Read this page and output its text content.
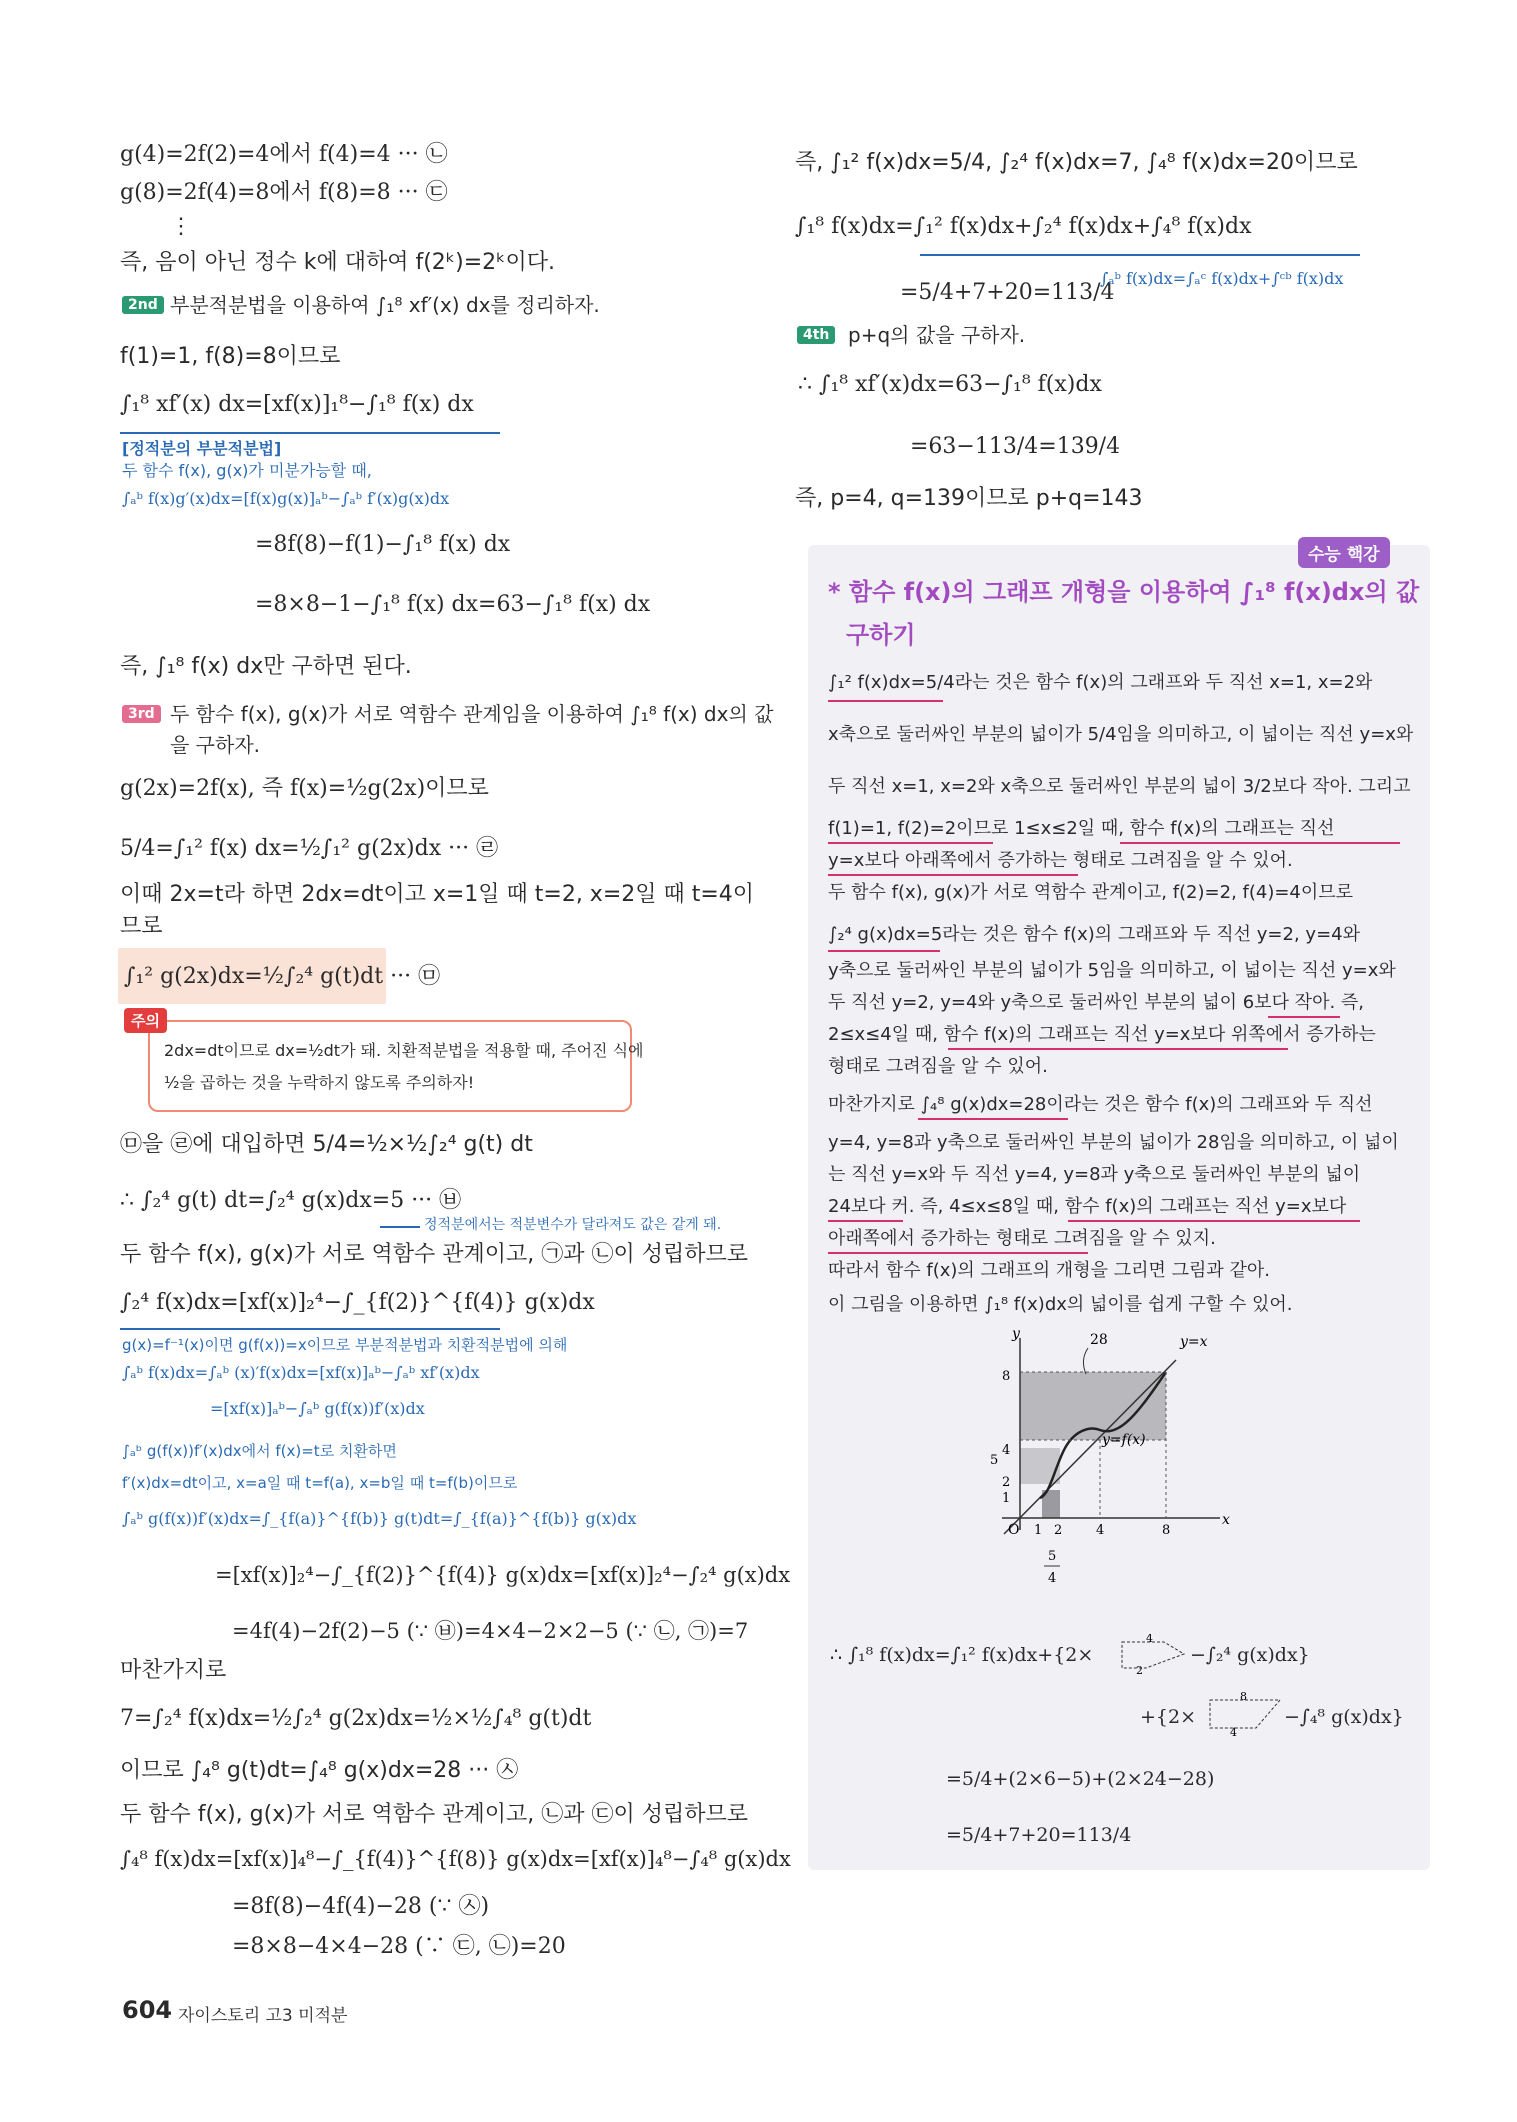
g(4)=2f(2)=4에서 f(4)=4 ··· ㉡
g(8)=2f(4)=8에서 f(8)=8 ··· ㉢
⋮
즉, 음이 아닌 정수 k에 대하여 f(2ᵏ)=2ᵏ이다.
2nd 부분적분법을 이용하여 ∫₁⁸ xf′(x) dx를 정리하자.
f(1)=1, f(8)=8이므로
∫₁⁸ xf′(x) dx=[xf(x)]₁⁸−∫₁⁸ f(x) dx
[정적분의 부분적분법]
두 함수 f(x), g(x)가 미분가능할 때,
∫ₐᵇ f(x)g′(x)dx=[f(x)g(x)]ₐᵇ−∫ₐᵇ f′(x)g(x)dx
=8f(8)−f(1)−∫₁⁸ f(x) dx
=8×8−1−∫₁⁸ f(x) dx=63−∫₁⁸ f(x) dx
즉, ∫₁⁸ f(x) dx만 구하면 된다.
3rd 두 함수 f(x), g(x)가 서로 역함수 관계임을 이용하여 ∫₁⁸ f(x) dx의 값
을 구하자.
g(2x)=2f(x), 즉 f(x)=½g(2x)이므로
5/4=∫₁² f(x) dx=½∫₁² g(2x)dx ··· ㉣
이때 2x=t라 하면 2dx=dt이고 x=1일 때 t=2, x=2일 때 t=4이
므로
∫₁² g(2x)dx=½∫₂⁴ g(t)dt ··· ㉤
주의
2dx=dt이므로 dx=½dt가 돼. 치환적분법을 적용할 때, 주어진 식에
½을 곱하는 것을 누락하지 않도록 주의하자!
㉤을 ㉣에 대입하면 5/4=½×½∫₂⁴ g(t) dt
∴ ∫₂⁴ g(t) dt=∫₂⁴ g(x)dx=5 ··· ㉥
정적분에서는 적분변수가 달라져도 값은 같게 돼.
두 함수 f(x), g(x)가 서로 역함수 관계이고, ㉠과 ㉡이 성립하므로
∫₂⁴ f(x)dx=[xf(x)]₂⁴−∫_{f(2)}^{f(4)} g(x)dx
g(x)=f⁻¹(x)이면 g(f(x))=x이므로 부분적분법과 치환적분법에 의해
∫ₐᵇ f(x)dx=∫ₐᵇ (x)′f(x)dx=[xf(x)]ₐᵇ−∫ₐᵇ xf′(x)dx
=[xf(x)]ₐᵇ−∫ₐᵇ g(f(x))f′(x)dx
∫ₐᵇ g(f(x))f′(x)dx에서 f(x)=t로 치환하면
f′(x)dx=dt이고, x=a일 때 t=f(a), x=b일 때 t=f(b)이므로
∫ₐᵇ g(f(x))f′(x)dx=∫_{f(a)}^{f(b)} g(t)dt=∫_{f(a)}^{f(b)} g(x)dx
=[xf(x)]₂⁴−∫_{f(2)}^{f(4)} g(x)dx=[xf(x)]₂⁴−∫₂⁴ g(x)dx
=4f(4)−2f(2)−5 (∵ ㉥)=4×4−2×2−5 (∵ ㉡, ㉠)=7
마찬가지로
7=∫₂⁴ f(x)dx=½∫₂⁴ g(2x)dx=½×½∫₄⁸ g(t)dt
이므로 ∫₄⁸ g(t)dt=∫₄⁸ g(x)dx=28 ··· ㉦
두 함수 f(x), g(x)가 서로 역함수 관계이고, ㉡과 ㉢이 성립하므로
∫₄⁸ f(x)dx=[xf(x)]₄⁸−∫_{f(4)}^{f(8)} g(x)dx=[xf(x)]₄⁸−∫₄⁸ g(x)dx
=8f(8)−4f(4)−28 (∵ ㉦)
=8×8−4×4−28 (∵ ㉢, ㉡)=20
즉, ∫₁² f(x)dx=5/4, ∫₂⁴ f(x)dx=7, ∫₄⁸ f(x)dx=20이므로
∫₁⁸ f(x)dx=∫₁² f(x)dx+∫₂⁴ f(x)dx+∫₄⁸ f(x)dx
=5/4+7+20=113/4
∫ₐᵇ f(x)dx=∫ₐᶜ f(x)dx+∫ᶜᵇ f(x)dx
4th p+q의 값을 구하자.
∴ ∫₁⁸ xf′(x)dx=63−∫₁⁸ f(x)dx
=63−113/4=139/4
즉, p=4, q=139이므로 p+q=143
수능 핵강
* 함수 f(x)의 그래프 개형을 이용하여 ∫₁⁸ f(x)dx의 값
구하기
∫₁² f(x)dx=5/4라는 것은 함수 f(x)의 그래프와 두 직선 x=1, x=2와
x축으로 둘러싸인 부분의 넓이가 5/4임을 의미하고, 이 넓이는 직선 y=x와
두 직선 x=1, x=2와 x축으로 둘러싸인 부분의 넓이 3/2보다 작아. 그리고
f(1)=1, f(2)=2이므로 1≤x≤2일 때, 함수 f(x)의 그래프는 직선
y=x보다 아래쪽에서 증가하는 형태로 그려짐을 알 수 있어.
두 함수 f(x), g(x)가 서로 역함수 관계이고, f(2)=2, f(4)=4이므로
∫₂⁴ g(x)dx=5라는 것은 함수 f(x)의 그래프와 두 직선 y=2, y=4와
y축으로 둘러싸인 부분의 넓이가 5임을 의미하고, 이 넓이는 직선 y=x와
두 직선 y=2, y=4와 y축으로 둘러싸인 부분의 넓이 6보다 작아. 즉,
2≤x≤4일 때, 함수 f(x)의 그래프는 직선 y=x보다 위쪽에서 증가하는
형태로 그려짐을 알 수 있어.
마찬가지로 ∫₄⁸ g(x)dx=28이라는 것은 함수 f(x)의 그래프와 두 직선
y=4, y=8과 y축으로 둘러싸인 부분의 넓이가 28임을 의미하고, 이 넓이
는 직선 y=x와 두 직선 y=4, y=8과 y축으로 둘러싸인 부분의 넓이
24보다 커. 즉, 4≤x≤8일 때, 함수 f(x)의 그래프는 직선 y=x보다
아래쪽에서 증가하는 형태로 그려짐을 알 수 있지.
따라서 함수 f(x)의 그래프의 개형을 그리면 그림과 같아.
이 그림을 이용하면 ∫₁⁸ f(x)dx의 넓이를 쉽게 구할 수 있어.
y
x
O
y=x
y=f(x)
28
8
5
4
2
1
1 2	4	8
5
4
∴ ∫₁⁸ f(x)dx=∫₁² f(x)dx+{2×
4
2
−∫₂⁴ g(x)dx}
+{2×
8
4
−∫₄⁸ g(x)dx}
=5/4+(2×6−5)+(2×24−28)
=5/4+7+20=113/4
604 자이스토리 고3 미적분
